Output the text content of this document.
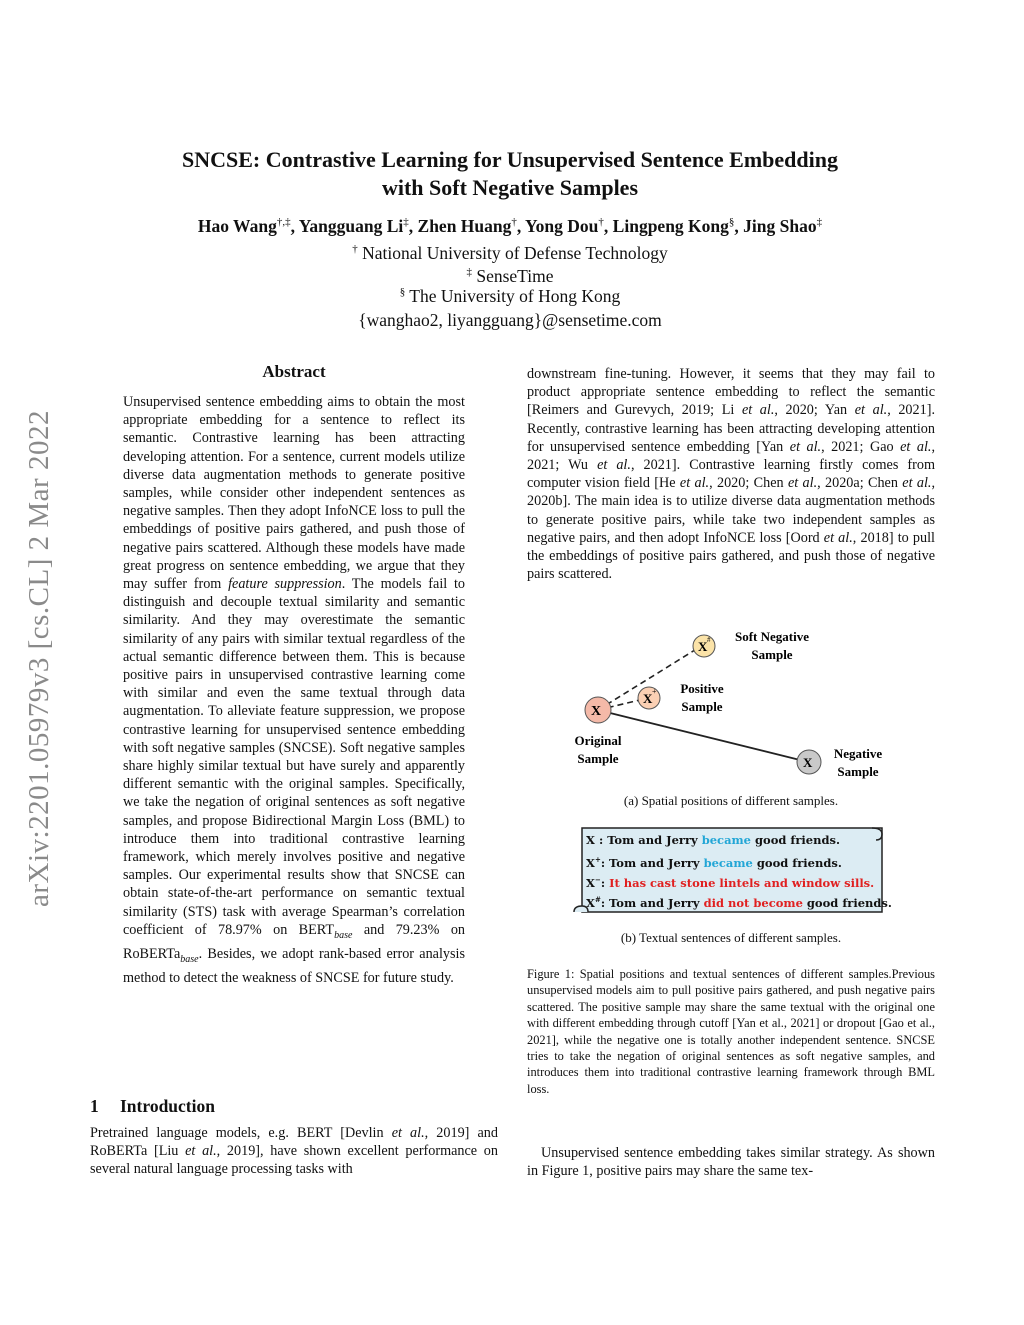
arXiv:2201.05979v3 [cs.CL] 2 Mar 2022
SNCSE: Contrastive Learning for Unsupervised Sentence Embedding
with Soft Negative Samples
Hao Wang†,‡, Yangguang Li‡, Zhen Huang†, Yong Dou†, Lingpeng Kong§, Jing Shao‡
† National University of Defense Technology
‡ SenseTime
§ The University of Hong Kong
{wanghao2, liyangguang}@sensetime.com
Abstract

Unsupervised sentence embedding aims to obtain the most appropriate embedding for a sentence to reflect its semantic. Contrastive learning has been attracting developing attention. For a sentence, current models utilize diverse data augmentation methods to generate positive samples, while consider other independent sentences as negative samples. Then they adopt InfoNCE loss to pull the embeddings of positive pairs gathered, and push those of negative pairs scattered. Although these models have made great progress on sentence embedding, we argue that they may suffer from feature suppression. The models fail to distinguish and decouple textual similarity and semantic similarity. And they may overestimate the semantic similarity of any pairs with similar textual regardless of the actual semantic difference between them. This is because positive pairs in unsupervised contrastive learning come with similar and even the same textual through data augmentation. To alleviate feature suppression, we propose contrastive learning for unsupervised sentence embedding with soft negative samples (SNCSE). Soft negative samples share highly similar textual but have surely and apparently different semantic with the original samples. Specifically, we take the negation of original sentences as soft negative samples, and propose Bidirectional Margin Loss (BML) to introduce them into traditional contrastive learning framework, which merely involves positive and negative samples. Our experimental results show that SNCSE can obtain state-of-the-art performance on semantic textual similarity (STS) task with average Spearman’s correlation coefficient of 78.97% on $BERT_{base}$ and 79.23% on RoBERTa$_{base}$. Besides, we adopt rank-based error analysis method to detect the weakness of SNCSE for future study.

1 Introduction

Pretrained language models, e.g. BERT [Devlin et al., 2019] and RoBERTa [Liu et al., 2019], have shown excellent performance on several natural language processing tasks with

downstream fine-tuning. However, it seems that they may fail to product appropriate sentence embedding to reflect the semantic [Reimers and Gurevych, 2019; Li et al., 2020; Yan et al., 2021]. Recently, contrastive learning has been attracting developing attention for unsupervised sentence embedding [Yan et al., 2021; Gao et al., 2021; Wu et al., 2021]. Contrastive learning firstly comes from computer vision field [He et al., 2020; Chen et al., 2020a; Chen et al., 2020b]. The main idea is to utilize diverse data augmentation methods to generate positive pairs, while take two independent samples as negative pairs, and then adopt InfoNCE loss [Oord et al., 2018] to pull the embeddings of positive pairs gathered, and push those of negative pairs scattered.

X #
X +
X
X
Soft Negative
Sample
Positive
Sample
Original
Sample	Negative
Sample
(a) Spatial positions of different samples.
X : Tom and Jerry became good friends.
X+: Tom and Jerry became good friends.
X−: It has cast stone lintels and window sills.
X#: Tom and Jerry did not become good friends.
(b) Textual sentences of different samples.

Figure 1: Spatial positions and textual sentences of different samples.Previous unsupervised models aim to pull positive pairs gathered, and push negative pairs scattered. The positive sample may share the same textual with the original one with different embedding through cutoff [Yan et al., 2021] or dropout [Gao et al., 2021], while the negative one is totally another independent sentence. SNCSE tries to take the negation of original sentences as soft negative samples, and introduces them into traditional contrastive learning framework through BML loss.

Unsupervised sentence embedding takes similar strategy. As shown in Figure 1, positive pairs may share the same tex-
